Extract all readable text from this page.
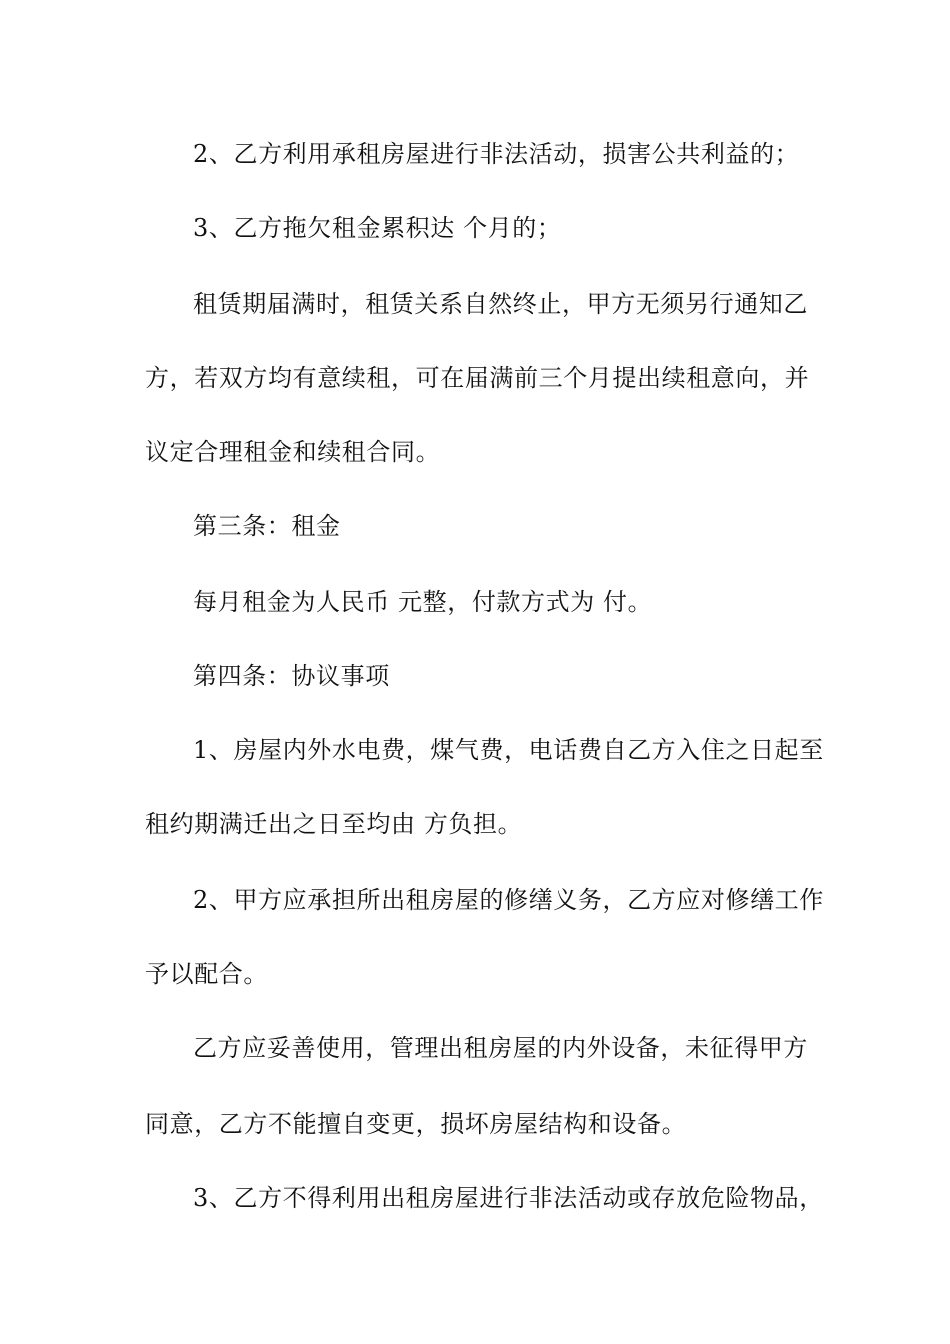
2、乙方利用承租房屋进行非法活动，损害公共利益的；
3、乙方拖欠租金累积达 个月的；
租赁期届满时，租赁关系自然终止，甲方无须另行通知乙
方，若双方均有意续租，可在届满前三个月提出续租意向，并
议定合理租金和续租合同。
第三条：租金
每月租金为人民币 元整，付款方式为 付。
第四条：协议事项
1、房屋内外水电费，煤气费，电话费自乙方入住之日起至
租约期满迁出之日至均由 方负担。
2、甲方应承担所出租房屋的修缮义务，乙方应对修缮工作
予以配合。
乙方应妥善使用，管理出租房屋的内外设备，未征得甲方
同意，乙方不能擅自变更，损坏房屋结构和设备。
3、乙方不得利用出租房屋进行非法活动或存放危险物品，
